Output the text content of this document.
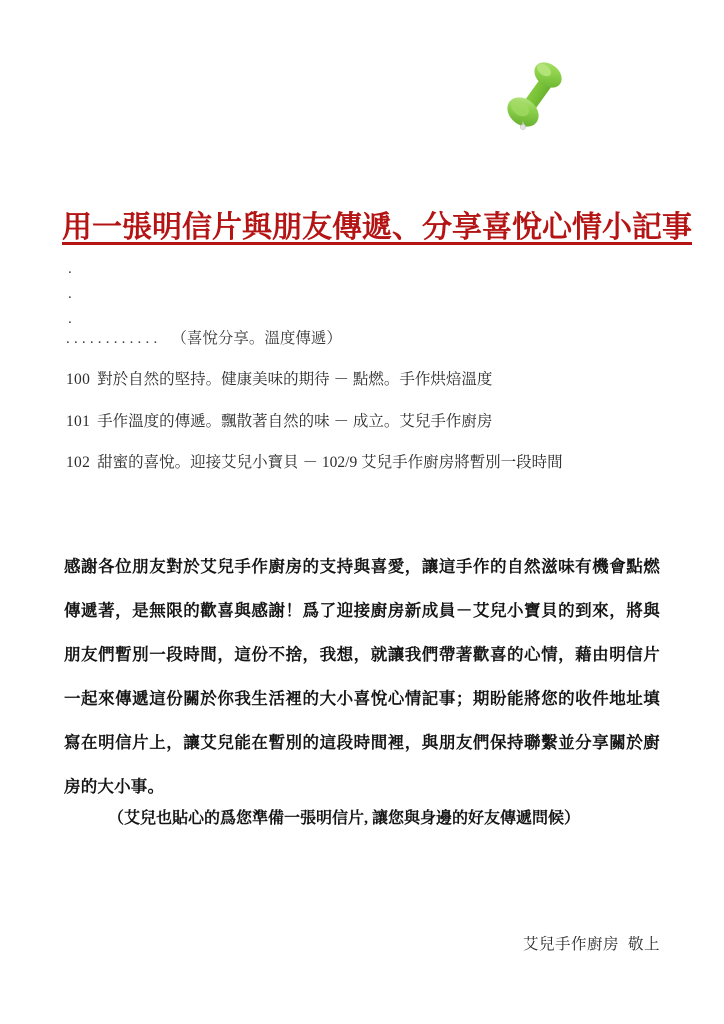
用一張明信片與朋友傳遞、分享喜悅心情小記事
.
.
.
............ （喜悅分享。溫度傳遞）
100 對於自然的堅持。健康美味的期待 － 點燃。手作烘焙溫度
101 手作溫度的傳遞。飄散著自然的味 － 成立。艾兒手作廚房
102 甜蜜的喜悅。迎接艾兒小寶貝 － 102/9 艾兒手作廚房將暫別一段時間
感謝各位朋友對於艾兒手作廚房的支持與喜愛，讓這手作的自然滋味有機會點燃傳遞著，是無限的歡喜與感謝！爲了迎接廚房新成員－艾兒小寶貝的到來，將與朋友們暫別一段時間，這份不捨，我想，就讓我們帶著歡喜的心情，藉由明信片一起來傳遞這份關於你我生活裡的大小喜悅心情記事；期盼能將您的收件地址填寫在明信片上，讓艾兒能在暫別的這段時間裡，與朋友們保持聯繫並分享關於廚房的大小事。
（艾兒也貼心的爲您準備一張明信片, 讓您與身邊的好友傳遞問候）
艾兒手作廚房 敬上
